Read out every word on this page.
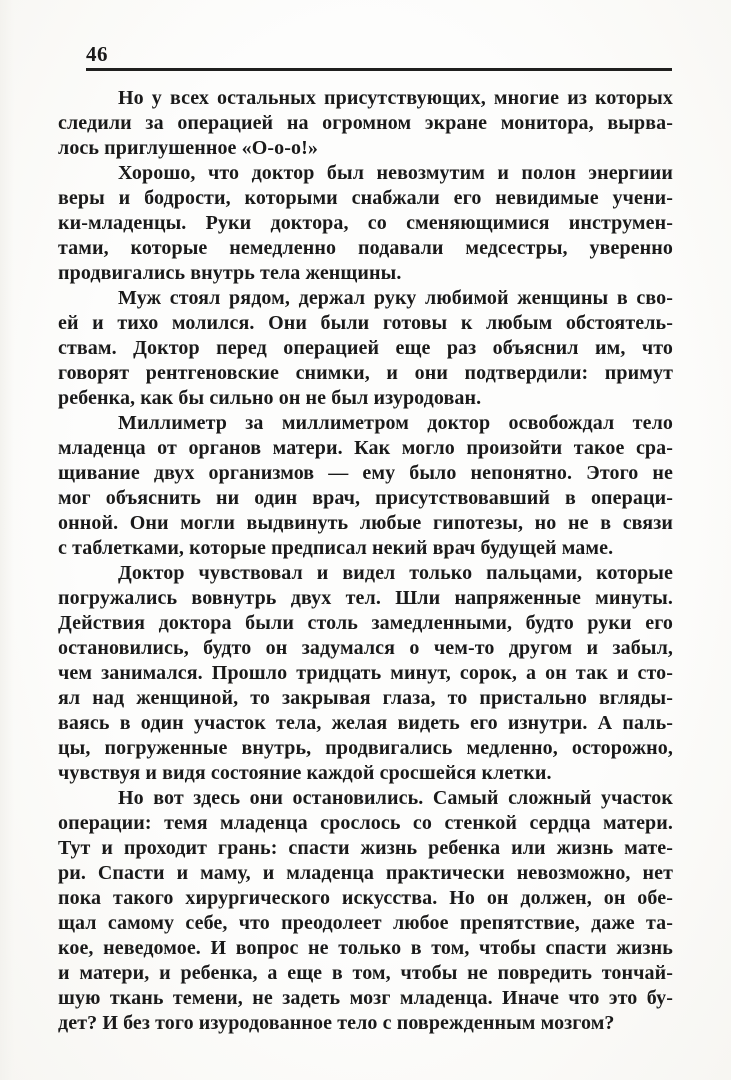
46
Но у всех остальных присутствующих, многие из которых
следили за операцией на огромном экране монитора, вырва-
лось приглушенное «О-о-о!»
Хорошо, что доктор был невозмутим и полон энергиии
веры и бодрости, которыми снабжали его невидимые учени-
ки-младенцы. Руки доктора, со сменяющимися инструмен-
тами, которые немедленно подавали медсестры, уверенно
продвигались внутрь тела женщины.
Муж стоял рядом, держал руку любимой женщины в сво-
ей и тихо молился. Они были готовы к любым обстоятель-
ствам. Доктор перед операцией еще раз объяснил им, что
говорят рентгеновские снимки, и они подтвердили: примут
ребенка, как бы сильно он не был изуродован.
Миллиметр за миллиметром доктор освобождал тело
младенца от органов матери. Как могло произойти такое сра-
щивание двух организмов — ему было непонятно. Этого не
мог объяснить ни один врач, присутствовавший в операци-
онной. Они могли выдвинуть любые гипотезы, но не в связи
с таблетками, которые предписал некий врач будущей маме.
Доктор чувствовал и видел только пальцами, которые
погружались вовнутрь двух тел. Шли напряженные минуты.
Действия доктора были столь замедленными, будто руки его
остановились, будто он задумался о чем-то другом и забыл,
чем занимался. Прошло тридцать минут, сорок, а он так и сто-
ял над женщиной, то закрывая глаза, то пристально вгляды-
ваясь в один участок тела, желая видеть его изнутри. А паль-
цы, погруженные внутрь, продвигались медленно, осторожно,
чувствуя и видя состояние каждой сросшейся клетки.
Но вот здесь они остановились. Самый сложный участок
операции: темя младенца срослось со стенкой сердца матери.
Тут и проходит грань: спасти жизнь ребенка или жизнь мате-
ри. Спасти и маму, и младенца практически невозможно, нет
пока такого хирургического искусства. Но он должен, он обе-
щал самому себе, что преодолеет любое препятствие, даже та-
кое, неведомое. И вопрос не только в том, чтобы спасти жизнь
и матери, и ребенка, а еще в том, чтобы не повредить тончай-
шую ткань темени, не задеть мозг младенца. Иначе что это бу-
дет? И без того изуродованное тело с поврежденным мозгом?
